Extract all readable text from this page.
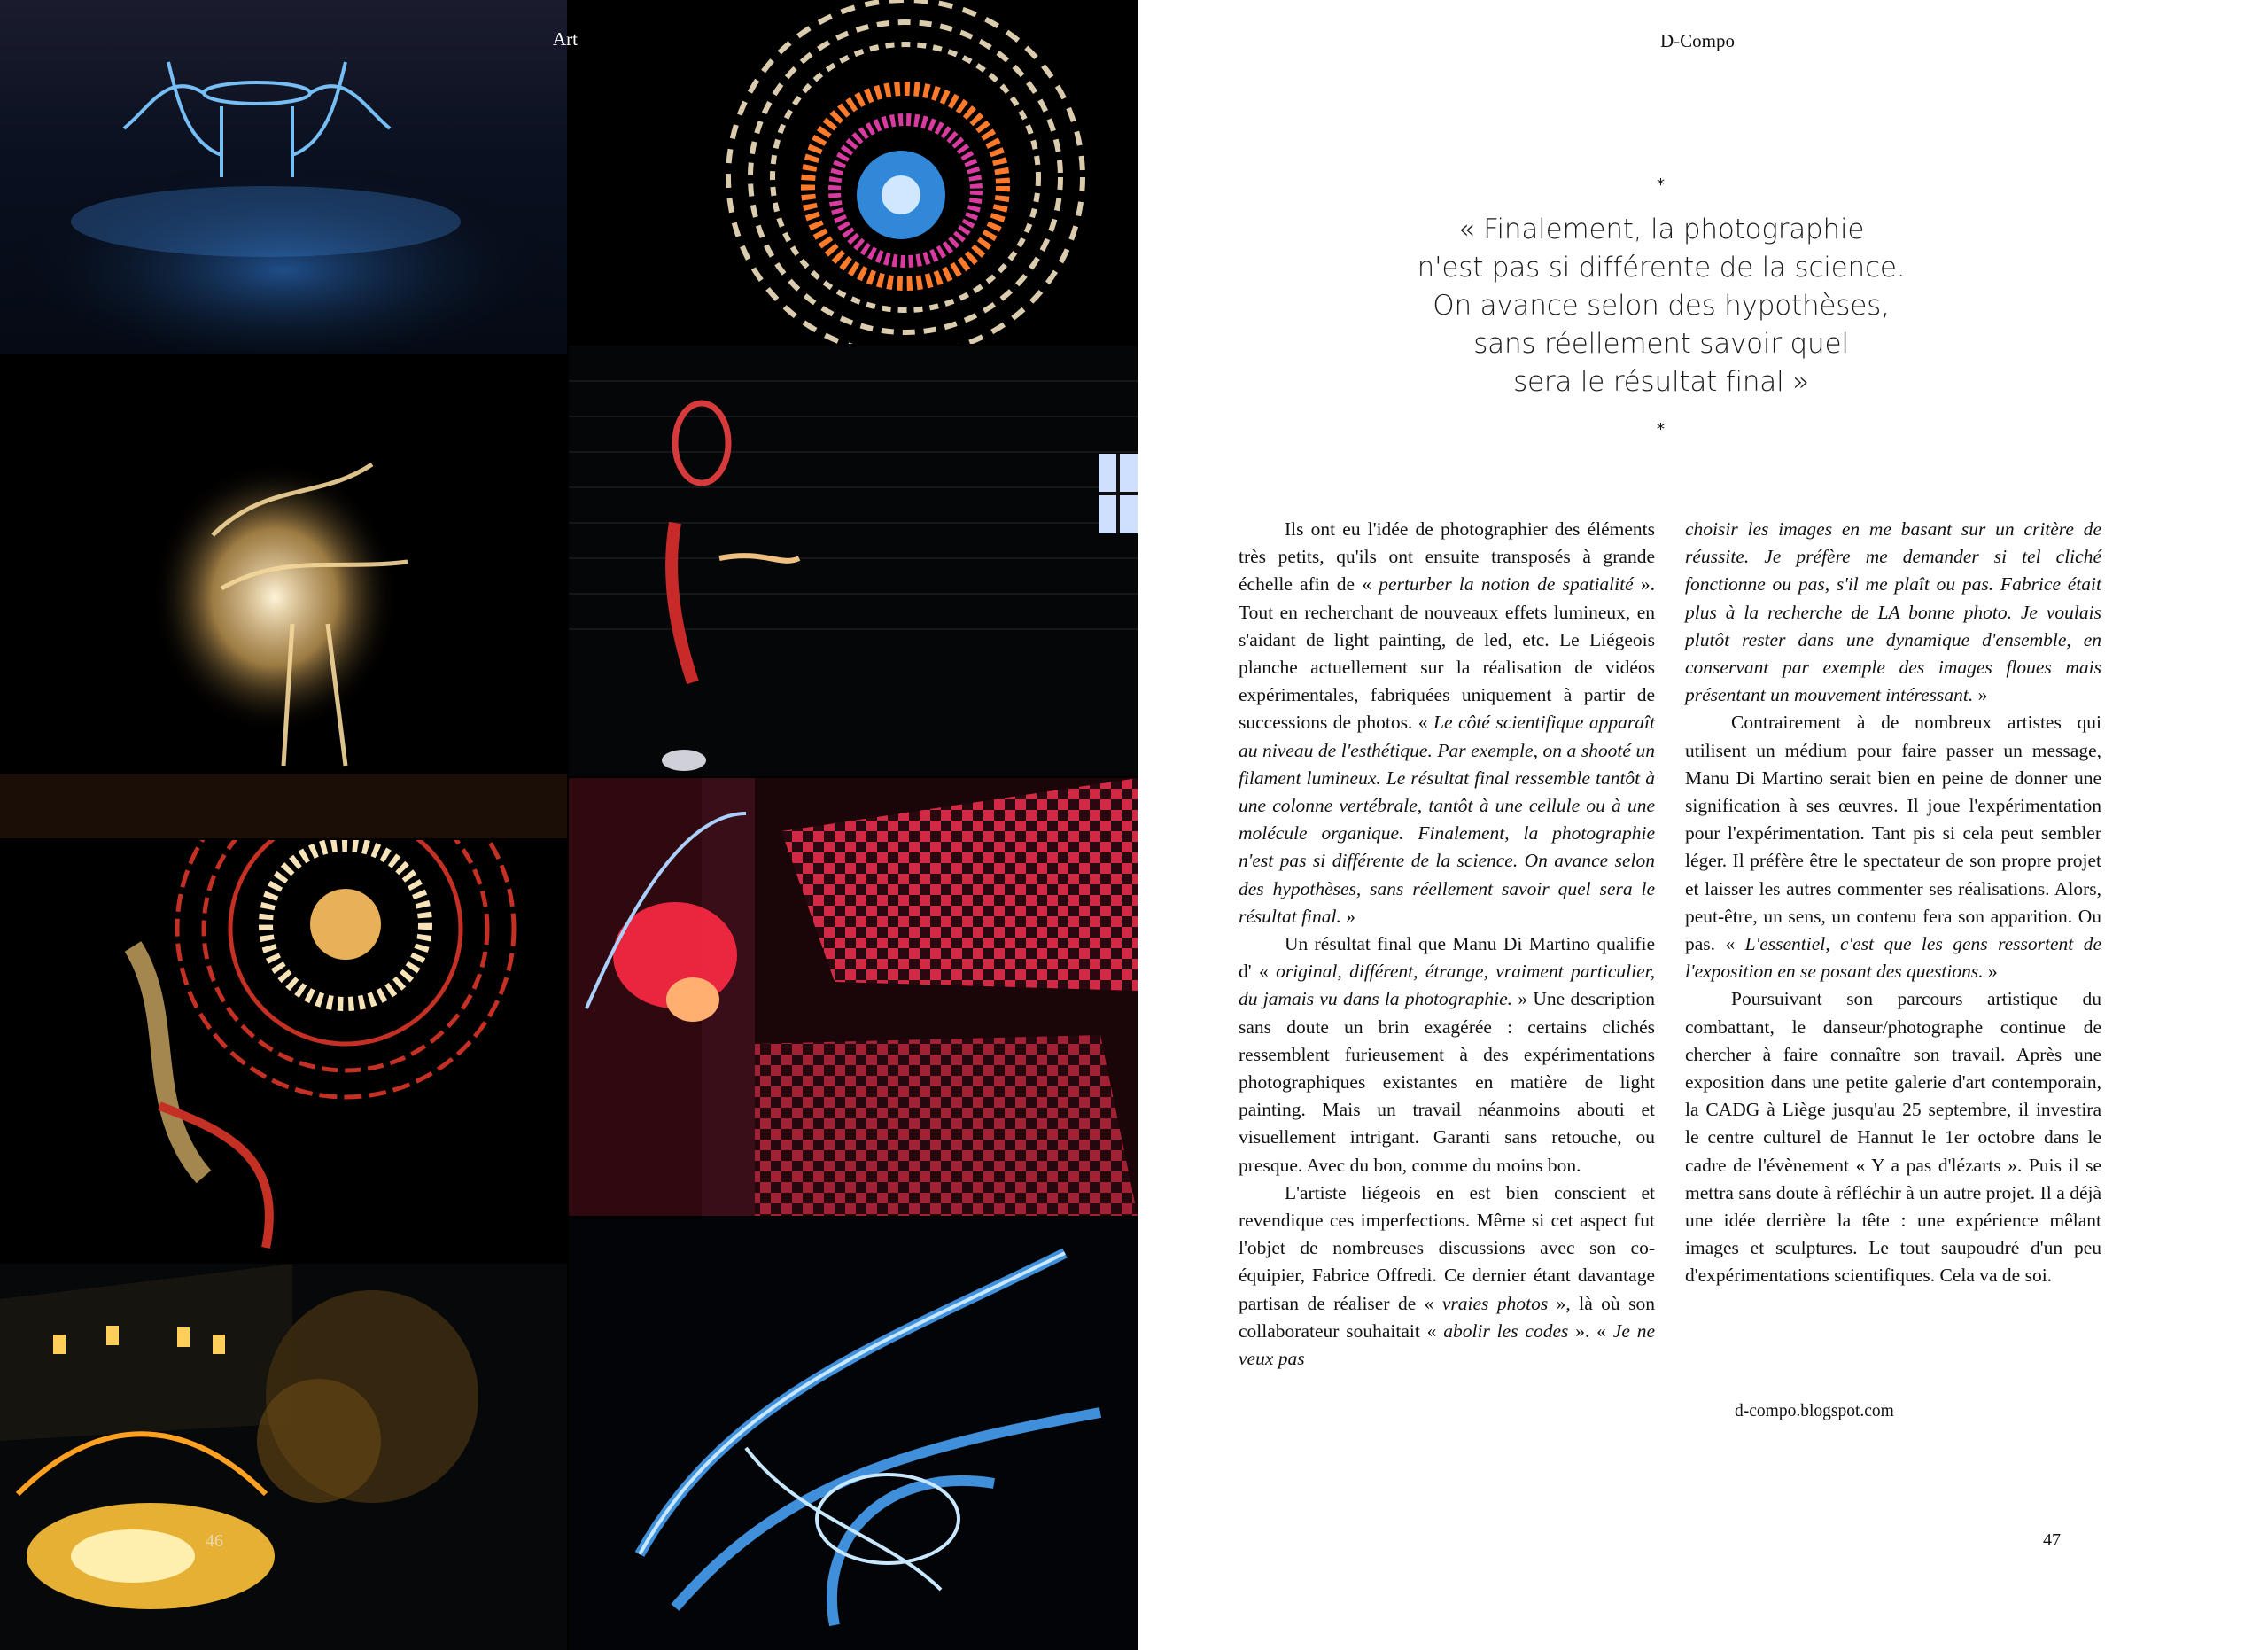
Art
46
D-Compo
*
« Finalement, la photographie
n'est pas si différente de la science.
On avance selon des hypothèses,
sans réellement savoir quel
sera le résultat final »
*

Ils ont eu l'idée de photographier des éléments très petits, qu'ils ont ensuite transposés à grande échelle afin de « perturber la notion de spatialité ». Tout en recherchant de nouveaux effets lumineux, en s'aidant de light painting, de led, etc. Le Liégeois planche actuellement sur la réalisation de vidéos expérimentales, fabriquées uniquement à partir de successions de photos. « Le côté scientifique apparaît au niveau de l'esthétique. Par exemple, on a shooté un filament lumineux. Le résultat final ressemble tantôt à une colonne vertébrale, tantôt à une cellule ou à une molécule organique. Finalement, la photographie n'est pas si différente de la science. On avance selon des hypothèses, sans réellement savoir quel sera le résultat final. »

Un résultat final que Manu Di Martino qualifie d' « original, différent, étrange, vraiment particulier, du jamais vu dans la photographie. » Une description sans doute un brin exagérée : certains clichés ressemblent furieusement à des expérimentations photographiques existantes en matière de light painting. Mais un travail néanmoins abouti et visuellement intrigant. Garanti sans retouche, ou presque. Avec du bon, comme du moins bon.

L'artiste liégeois en est bien conscient et revendique ces imperfections. Même si cet aspect fut l'objet de nombreuses discussions avec son co-équipier, Fabrice Offredi. Ce dernier étant davantage partisan de réaliser de « vraies photos », là où son collaborateur souhaitait « abolir les codes ». « Je ne veux pas

choisir les images en me basant sur un critère de réussite. Je préfère me demander si tel cliché fonctionne ou pas, s'il me plaît ou pas. Fabrice était plus à la recherche de LA bonne photo. Je voulais plutôt rester dans une dynamique d'ensemble, en conservant par exemple des images floues mais présentant un mouvement intéressant. »

Contrairement à de nombreux artistes qui utilisent un médium pour faire passer un message, Manu Di Martino serait bien en peine de donner une signification à ses œuvres. Il joue l'expérimentation pour l'expérimentation. Tant pis si cela peut sembler léger. Il préfère être le spectateur de son propre projet et laisser les autres commenter ses réalisations. Alors, peut-être, un sens, un contenu fera son apparition. Ou pas. « L'essentiel, c'est que les gens ressortent de l'exposition en se posant des questions. »

Poursuivant son parcours artistique du combattant, le danseur/photographe continue de chercher à faire connaître son travail. Après une exposition dans une petite galerie d'art contemporain, la CADG à Liège jusqu'au 25 septembre, il investira le centre culturel de Hannut le 1er octobre dans le cadre de l'évènement « Y a pas d'lézarts ». Puis il se mettra sans doute à réfléchir à un autre projet. Il a déjà une idée derrière la tête : une expérience mêlant images et sculptures. Le tout saupoudré d'un peu d'expérimentations scientifiques. Cela va de soi.

d-compo.blogspot.com
47
